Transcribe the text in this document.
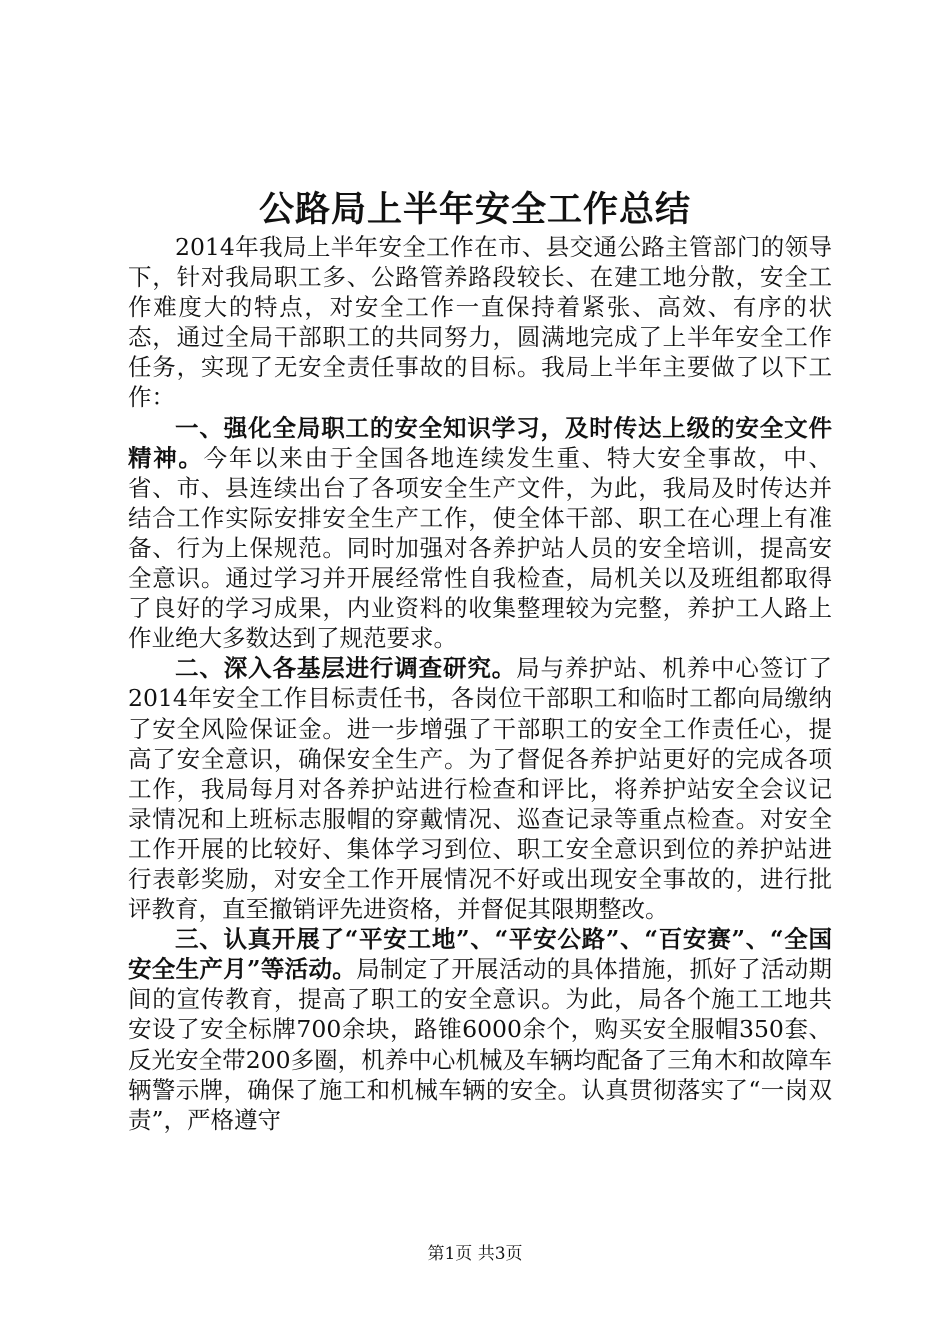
公路局上半年安全工作总结

2014年我局上半年安全工作在市、县交通公路主管部门的领导下，针对我局职工多、公路管养路段较长、在建工地分散，安全工作难度大的特点，对安全工作一直保持着紧张、高效、有序的状态，通过全局干部职工的共同努力，圆满地完成了上半年安全工作任务，实现了无安全责任事故的目标。我局上半年主要做了以下工作：

一、强化全局职工的安全知识学习，及时传达上级的安全文件精神。今年以来由于全国各地连续发生重、特大安全事故，中、省、市、县连续出台了各项安全生产文件，为此，我局及时传达并结合工作实际安排安全生产工作，使全体干部、职工在心理上有准备、行为上保规范。同时加强对各养护站人员的安全培训，提高安全意识。通过学习并开展经常性自我检查，局机关以及班组都取得了良好的学习成果，内业资料的收集整理较为完整，养护工人路上作业绝大多数达到了规范要求。

二、深入各基层进行调查研究。局与养护站、机养中心签订了2014年安全工作目标责任书，各岗位干部职工和临时工都向局缴纳了安全风险保证金。进一步增强了干部职工的安全工作责任心，提高了安全意识，确保安全生产。为了督促各养护站更好的完成各项工作，我局每月对各养护站进行检查和评比，将养护站安全会议记录情况和上班标志服帽的穿戴情况、巡查记录等重点检查。对安全工作开展的比较好、集体学习到位、职工安全意识到位的养护站进行表彰奖励，对安全工作开展情况不好或出现安全事故的，进行批评教育，直至撤销评先进资格，并督促其限期整改。

三、认真开展了“平安工地”、“平安公路”、“百安赛”、“全国安全生产月”等活动。局制定了开展活动的具体措施，抓好了活动期间的宣传教育，提高了职工的安全意识。为此，局各个施工工地共安设了安全标牌700余块，路锥6000余个，购买安全服帽350套、反光安全带200多圈，机养中心机械及车辆均配备了三角木和故障车辆警示牌，确保了施工和机械车辆的安全。认真贯彻落实了“一岗双责”，严格遵守

第1页 共3页
